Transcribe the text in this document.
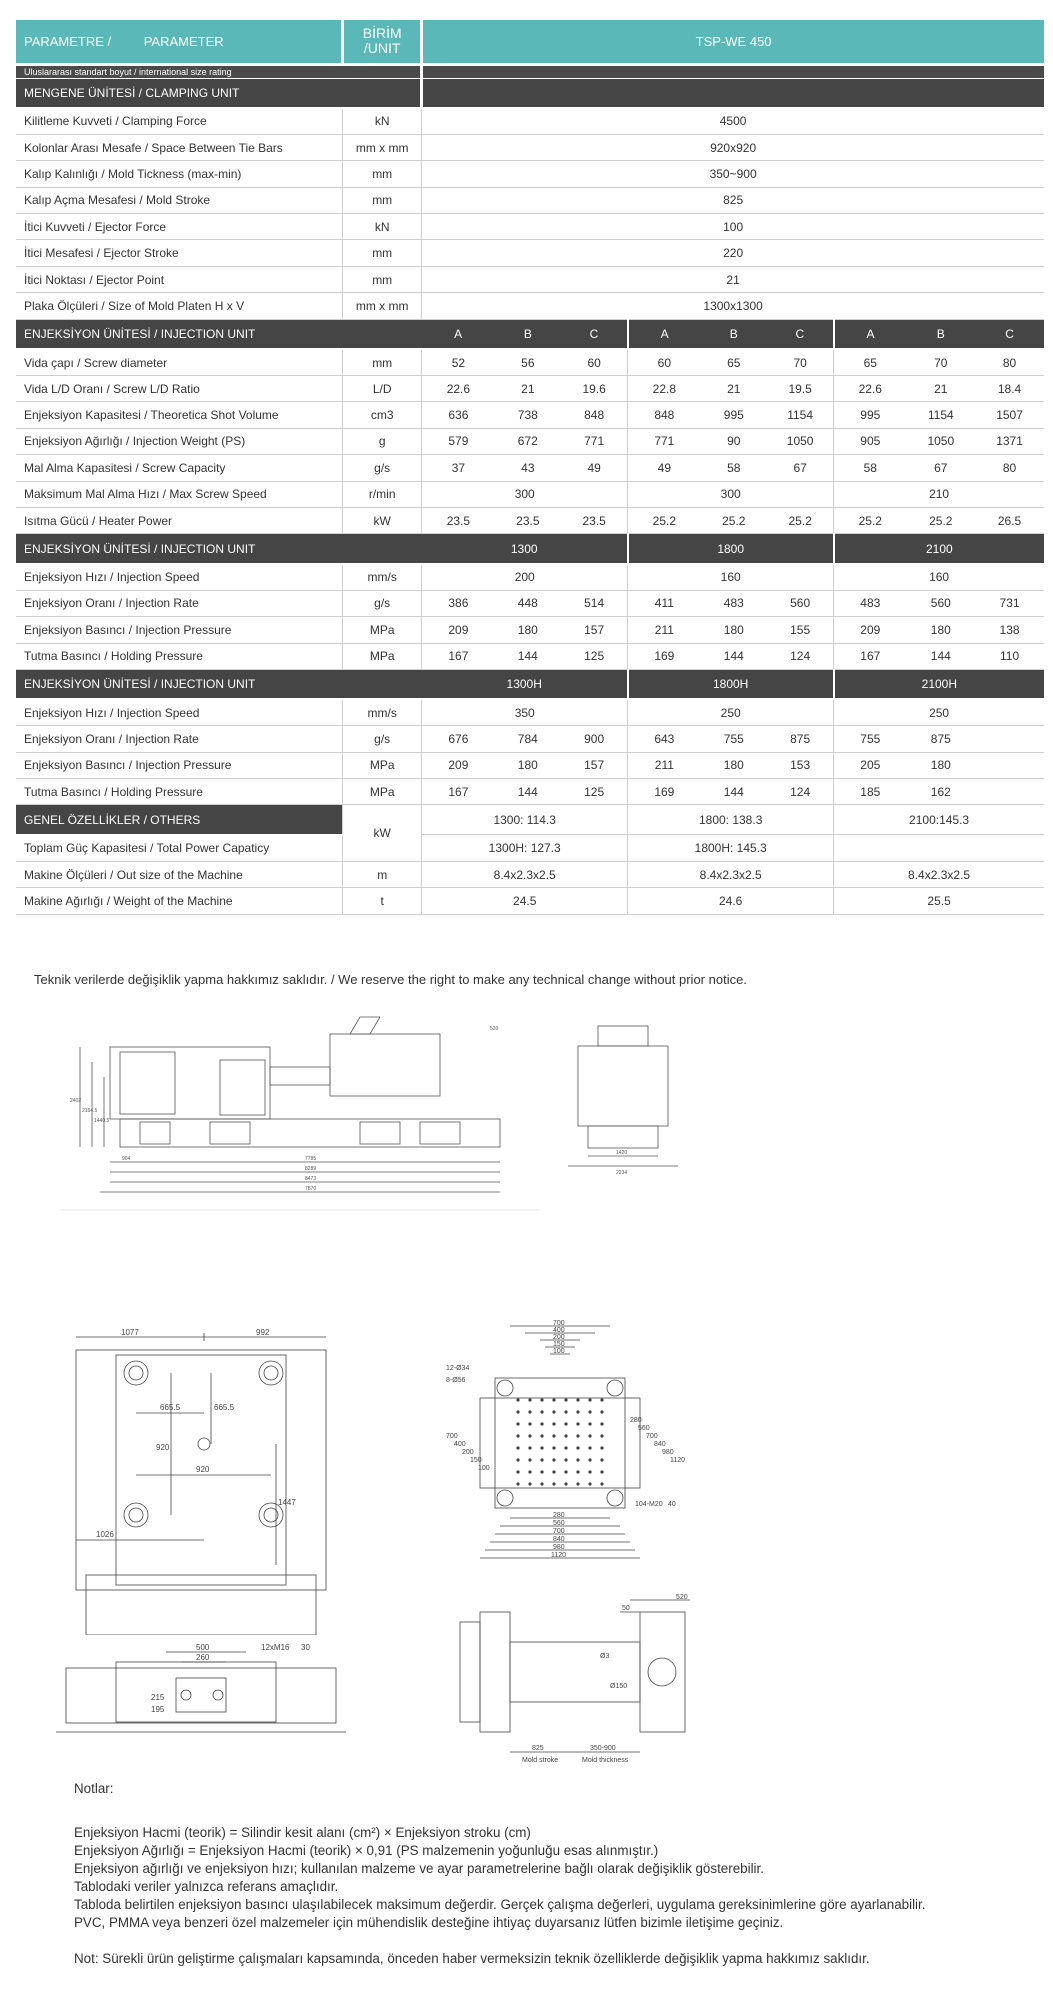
PARAMETRE / PARAMETER	BİRİM
/UNIT	TSP-WE 450								
Uluslararası standart boyut / international size rating										
MENGENE ÜNİTESİ / CLAMPING UNIT										
Kilitleme Kuvveti / Clamping Force	kN	4500								
Kolonlar Arası Mesafe / Space Between Tie Bars	mm x mm	920x920								
Kalıp Kalınlığı / Mold Tickness (max-min)	mm	350~900								
Kalıp Açma Mesafesi / Mold Stroke	mm	825								
İtici Kuvveti / Ejector Force	kN	100								
İtici Mesafesi / Ejector Stroke	mm	220								
İtici Noktası / Ejector Point	mm	21								
Plaka Ölçüleri / Size of Mold Platen H x V	mm x mm	1300x1300								
ENJEKSİYON ÜNİTESİ / INJECTION UNIT		A	B	C	A	B	C	A	B	C
Vida çapı / Screw diameter	mm	52	56	60	60	65	70	65	70	80
Vida L/D Oranı / Screw L/D Ratio	L/D	22.6	21	19.6	22.8	21	19.5	22.6	21	18.4
Enjeksiyon Kapasitesi / Theoretica Shot Volume	cm3	636	738	848	848	995	1154	995	1154	1507
Enjeksiyon Ağırlığı / Injection Weight (PS)	g	579	672	771	771	90	1050	905	1050	1371
Mal Alma Kapasitesi / Screw Capacity	g/s	37	43	49	49	58	67	58	67	80
Maksimum Mal Alma Hızı / Max Screw Speed	r/min	300			300			210		
Isıtma Gücü / Heater Power	kW	23.5	23.5	23.5	25.2	25.2	25.2	25.2	25.2	26.5
ENJEKSİYON ÜNİTESİ / INJECTION UNIT		1300			1800			2100		
Enjeksiyon Hızı / Injection Speed	mm/s	200			160			160		
Enjeksiyon Oranı / Injection Rate	g/s	386	448	514	411	483	560	483	560	731
Enjeksiyon Basıncı / Injection Pressure	MPa	209	180	157	211	180	155	209	180	138
Tutma Basıncı / Holding Pressure	MPa	167	144	125	169	144	124	167	144	110
ENJEKSİYON ÜNİTESİ / INJECTION UNIT		1300H			1800H			2100H		
Enjeksiyon Hızı / Injection Speed	mm/s	350			250			250		
Enjeksiyon Oranı / Injection Rate	g/s	676	784	900	643	755	875	755	875	
Enjeksiyon Basıncı / Injection Pressure	MPa	209	180	157	211	180	153	205	180	
Tutma Basıncı / Holding Pressure	MPa	167	144	125	169	144	124	185	162	
GENEL ÖZELLİKLER / OTHERS	kW	1300: 114.3			1800: 138.3			2100:145.3		
Toplam Güç Kapasitesi / Total Power Capaticy		1300H: 127.3			1800H: 145.3					
Makine Ölçüleri / Out size of the Machine	m	8.4x2.3x2.5			8.4x2.3x2.5			8.4x2.3x2.5		
Makine Ağırlığı / Weight of the Machine	t	24.5			24.6			25.5		
Teknik verilerde değişiklik yapma hakkımız saklıdır. / We reserve the right to make any technical change without prior notice.
7785
8289
8473
7870
904
2402
2164.5
1440.5
520
1420
2234
1077	992
665.5	665.5
920
920
1447
1026
500
260
12xM16 30
215
195
700
400
200
150
100
280
560
700
840
980
1120
700
400
200
150
100
280
560
700
840
980
1120
12-Ø34
8-Ø56
104-M20 40
520
50
Ø3
Ø150
825	350-900
Mold stroke	Mold thickness
Notlar:
Enjeksiyon Hacmi (teorik) = Silindir kesit alanı (cm²) × Enjeksiyon stroku (cm)
Enjeksiyon Ağırlığı = Enjeksiyon Hacmi (teorik) × 0,91 (PS malzemenin yoğunluğu esas alınmıştır.)
Enjeksiyon ağırlığı ve enjeksiyon hızı; kullanılan malzeme ve ayar parametrelerine bağlı olarak değişiklik gösterebilir.
Tablodaki veriler yalnızca referans amaçlıdır.
Tabloda belirtilen enjeksiyon basıncı ulaşılabilecek maksimum değerdir. Gerçek çalışma değerleri, uygulama gereksinimlerine göre ayarlanabilir.
PVC, PMMA veya benzeri özel malzemeler için mühendislik desteğine ihtiyaç duyarsanız lütfen bizimle iletişime geçiniz.
Not: Sürekli ürün geliştirme çalışmaları kapsamında, önceden haber vermeksizin teknik özelliklerde değişiklik yapma hakkımız saklıdır.
